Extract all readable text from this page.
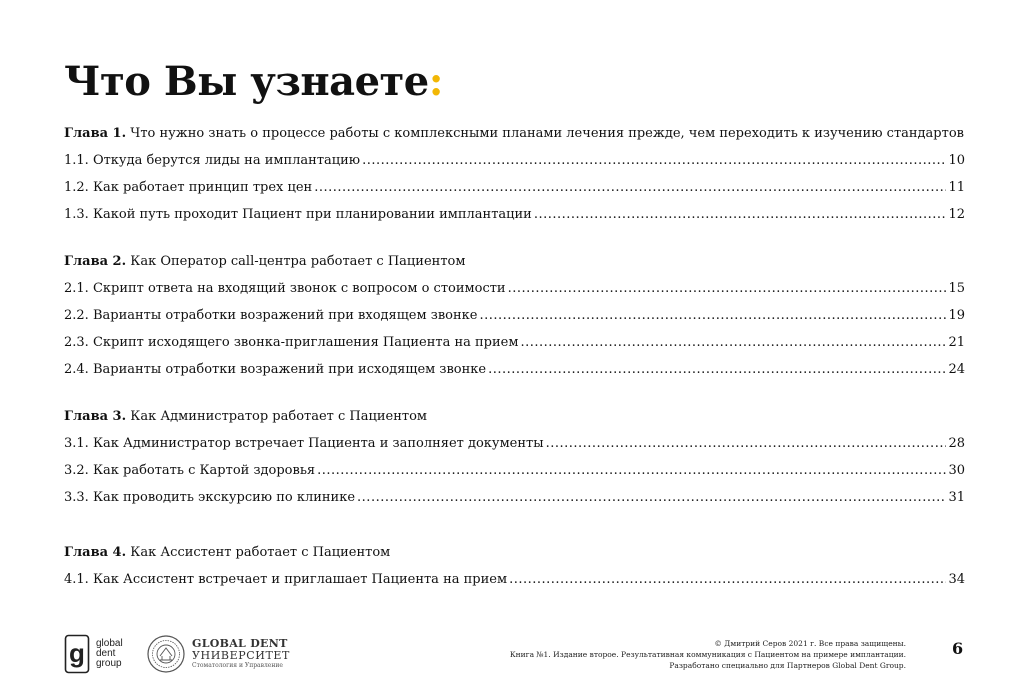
Что Вы узнаете:
Глава 1. Что нужно знать о процессе работы с комплексными планами лечения прежде, чем переходить к изучению стандартов
1.1. Откуда берутся лиды на имплантацию .....	10
1.2. Как работает принцип трех цен .....	11
1.3. Какой путь проходит Пациент при планировании имплантации .....	12
Глава 2. Как Оператор call-центра работает с Пациентом
2.1. Скрипт ответа на входящий звонок с вопросом о стоимости .....	15
2.2. Варианты отработки возражений при входящем звонке .....	19
2.3. Скрипт исходящего звонка-приглашения Пациента на прием .....	21
2.4. Варианты отработки возражений при исходящем звонке .....	24
Глава 3. Как Администратор работает с Пациентом
3.1. Как Администратор встречает Пациента и заполняет документы .....	28
3.2. Как работать с Картой здоровья .....	30
3.3. Как проводить экскурсию по клинике .....	31
Глава 4. Как Ассистент работает с Пациентом
4.1. Как Ассистент встречает и приглашает Пациента на прием .....	34
g global
dent
group
GLOBAL DENT
УНИВЕРСИТЕТ
Стоматология и Управление
© Дмитрий Серов 2021 г. Все права защищены.
Книга №1. Издание второе. Результативная коммуникация с Пациентом на примере имплантации.
Разработано специально для Партнеров Global Dent Group.
6
